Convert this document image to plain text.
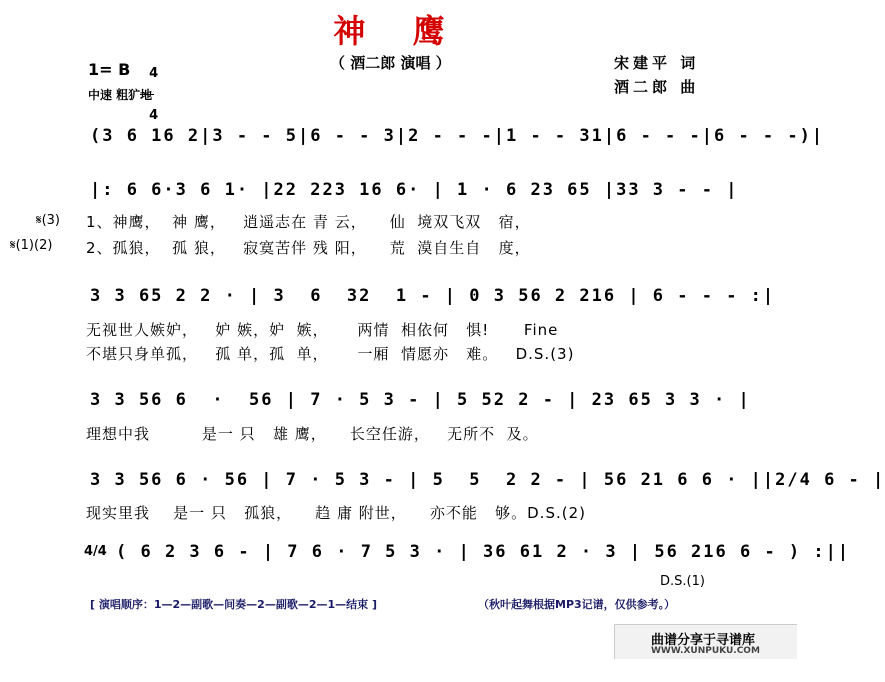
神 鹰
（ 酒二郎 演唱 ）
1= B	4

4

中速 粗犷地
宋建平 词
酒二郎 曲
(3 6 16 2|3 - - 5|6 - - 3|2 - - -|1 - - 31|6 - - -|6 - - -)|
|: 6 6·3 6 1· |22 223 16 6· | 1 · 6 23 65 |33 3 - - |
𝄋(3)
𝄋(1)(2)
1、神鹰，  神 鹰，   逍遥志在 青 云，    仙  境双飞双   宿，
2、孤狼，  孤 狼，   寂寞苦伴 残 阳，    荒  漠自生自   度，
3 3 65 2 2 · | 3  6  32  1 - | 0 3 56 2 216 | 6 - - - :|
无视世人嫉妒，   妒 嫉，妒  嫉，     两情  相依何   惧!      Fine
不堪只身单孤，   孤 单，孤  单，     一厢  情愿亦   难。   D.S.(3)
3 3 56 6  ·  56 | 7 · 5 3 - | 5 52 2 - | 23 65 3 3 · |
理想中我         是一 只   雄 鹰，    长空任游，   无所不  及。
3 3 56 6 · 56 | 7 · 5 3 - | 5  5  2 2 - | 56 21 6 6 · ||2/4 6 - |
现实里我    是一 只   孤狼，    趋 庸 附世，    亦不能   够。D.S.(2)
4/4 ( 6 2 3 6 - | 7 6 · 7 5 3 · | 36 61 2 · 3 | 56 216 6 - ) :||
D.S.(1)
[ 演唱顺序：1—2—副歌—间奏—2—副歌—2—1—结束 ]	（秋叶起舞根据MP3记谱，仅供参考。）

曲谱分享于寻谱库

WWW.XUNPUKU.COM
